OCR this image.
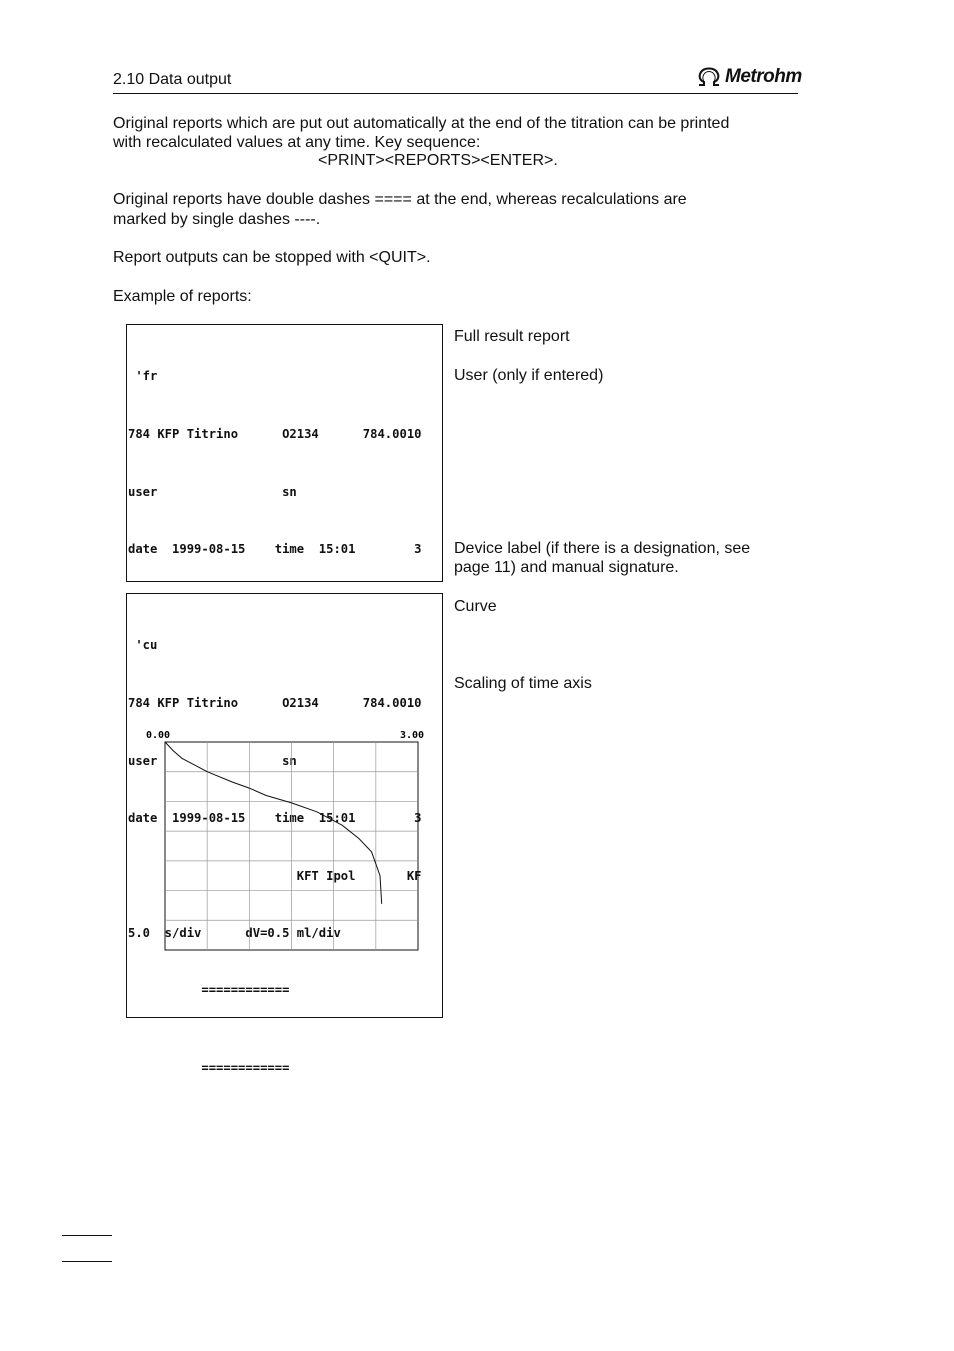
2.10 Data output	Metrohm
Original reports which are put out automatically at the end of the titration can be printed
with recalculated values at any time. Key sequence:
<PRINT><REPORTS><ENTER>.
Original reports have double dashes ==== at the end, whereas recalculations are
marked by single dashes ----.
Report outputs can be stopped with <QUIT>.
Example of reports:

'fr

784 KFP Titrino      O2134      784.0010

user                 sn

date  1999-08-15    time  15:01        3

============

'cu

784 KFP Titrino      O2134      784.0010

user                 sn

date  1999-08-15    time  15:01        3

KFT Ipol       KF

5.0  s/div      dV=0.5 ml/div

0.00	3.00
============
Full result report
User (only if entered)
Device label (if there is a designation, see
page 11) and manual signature.
Curve
Scaling of time axis
